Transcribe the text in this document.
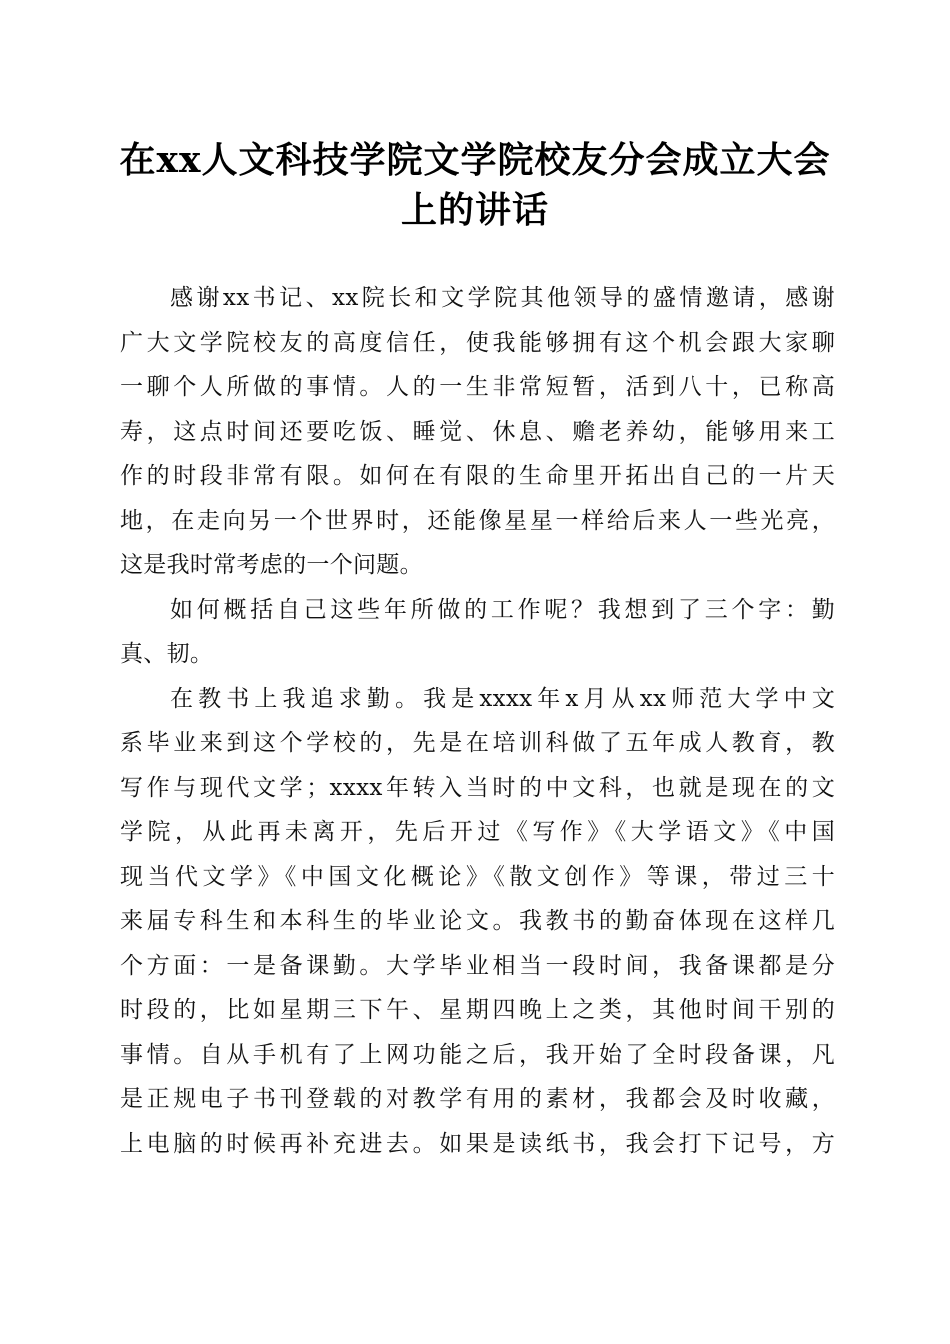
在xx人文科技学院文学院校友分会成立大会
上的讲话
感谢xx书记、xx院长和文学院其他领导的盛情邀请，感谢
广大文学院校友的高度信任，使我能够拥有这个机会跟大家聊
一聊个人所做的事情。人的一生非常短暂，活到八十，已称高
寿，这点时间还要吃饭、睡觉、休息、赡老养幼，能够用来工
作的时段非常有限。如何在有限的生命里开拓出自己的一片天
地，在走向另一个世界时，还能像星星一样给后来人一些光亮，
这是我时常考虑的一个问题。
如何概括自己这些年所做的工作呢？我想到了三个字：勤
真、韧。
在教书上我追求勤。我是xxxx年x月从xx师范大学中文
系毕业来到这个学校的，先是在培训科做了五年成人教育，教
写作与现代文学；xxxx年转入当时的中文科，也就是现在的文
学院，从此再未离开，先后开过《写作》《大学语文》《中国
现当代文学》《中国文化概论》《散文创作》等课，带过三十
来届专科生和本科生的毕业论文。我教书的勤奋体现在这样几
个方面：一是备课勤。大学毕业相当一段时间，我备课都是分
时段的，比如星期三下午、星期四晚上之类，其他时间干别的
事情。自从手机有了上网功能之后，我开始了全时段备课，凡
是正规电子书刊登载的对教学有用的素材，我都会及时收藏，
上电脑的时候再补充进去。如果是读纸书，我会打下记号，方
